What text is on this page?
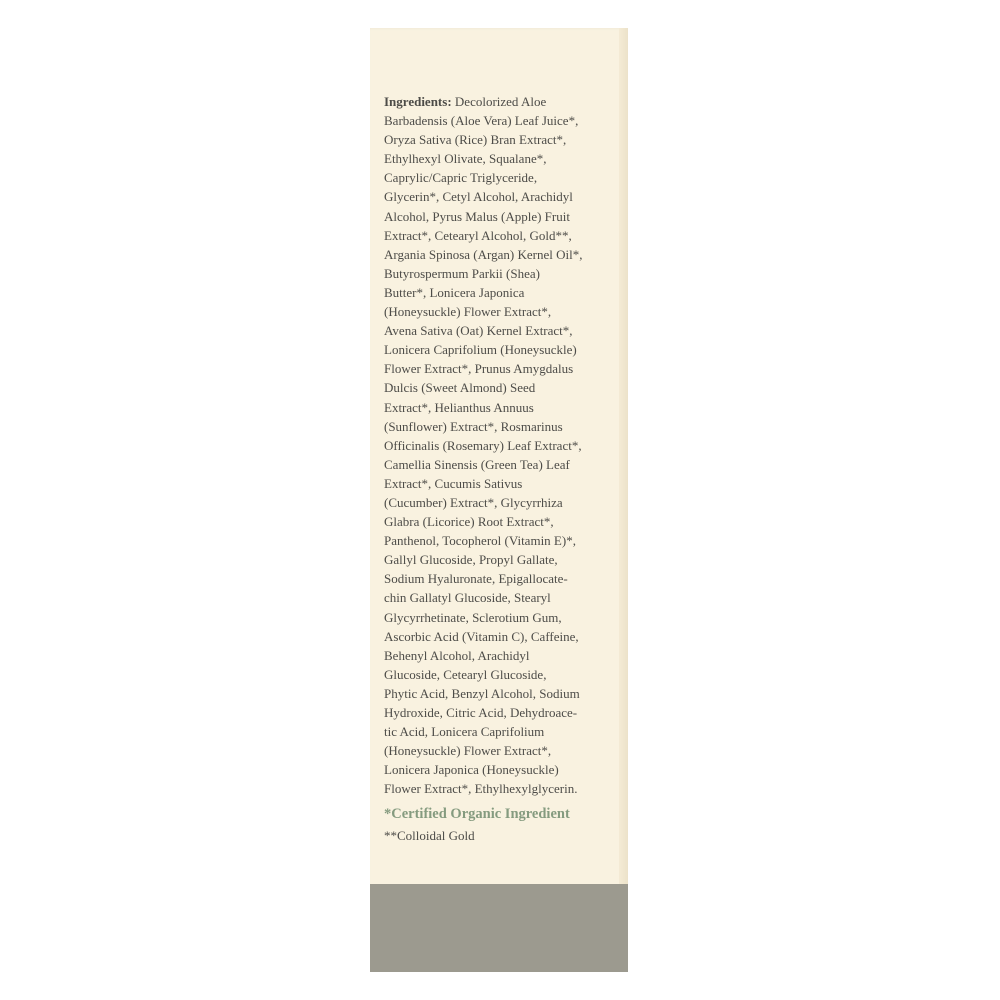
Ingredients: Decolorized Aloe
Barbadensis (Aloe Vera) Leaf Juice*,
Oryza Sativa (Rice) Bran Extract*,
Ethylhexyl Olivate, Squalane*,
Caprylic/Capric Triglyceride,
Glycerin*, Cetyl Alcohol, Arachidyl
Alcohol, Pyrus Malus (Apple) Fruit
Extract*, Cetearyl Alcohol, Gold**,
Argania Spinosa (Argan) Kernel Oil*,
Butyrospermum Parkii (Shea)
Butter*, Lonicera Japonica
(Honeysuckle) Flower Extract*,
Avena Sativa (Oat) Kernel Extract*,
Lonicera Caprifolium (Honeysuckle)
Flower Extract*, Prunus Amygdalus
Dulcis (Sweet Almond) Seed
Extract*, Helianthus Annuus
(Sunflower) Extract*, Rosmarinus
Officinalis (Rosemary) Leaf Extract*,
Camellia Sinensis (Green Tea) Leaf
Extract*, Cucumis Sativus
(Cucumber) Extract*, Glycyrrhiza
Glabra (Licorice) Root Extract*,
Panthenol, Tocopherol (Vitamin E)*,
Gallyl Glucoside, Propyl Gallate,
Sodium Hyaluronate, Epigallocate-
chin Gallatyl Glucoside, Stearyl
Glycyrrhetinate, Sclerotium Gum,
Ascorbic Acid (Vitamin C), Caffeine,
Behenyl Alcohol, Arachidyl
Glucoside, Cetearyl Glucoside,
Phytic Acid, Benzyl Alcohol, Sodium
Hydroxide, Citric Acid, Dehydroace-
tic Acid, Lonicera Caprifolium
(Honeysuckle) Flower Extract*,
Lonicera Japonica (Honeysuckle)
Flower Extract*, Ethylhexylglycerin.
*Certified Organic Ingredient
**Colloidal Gold
